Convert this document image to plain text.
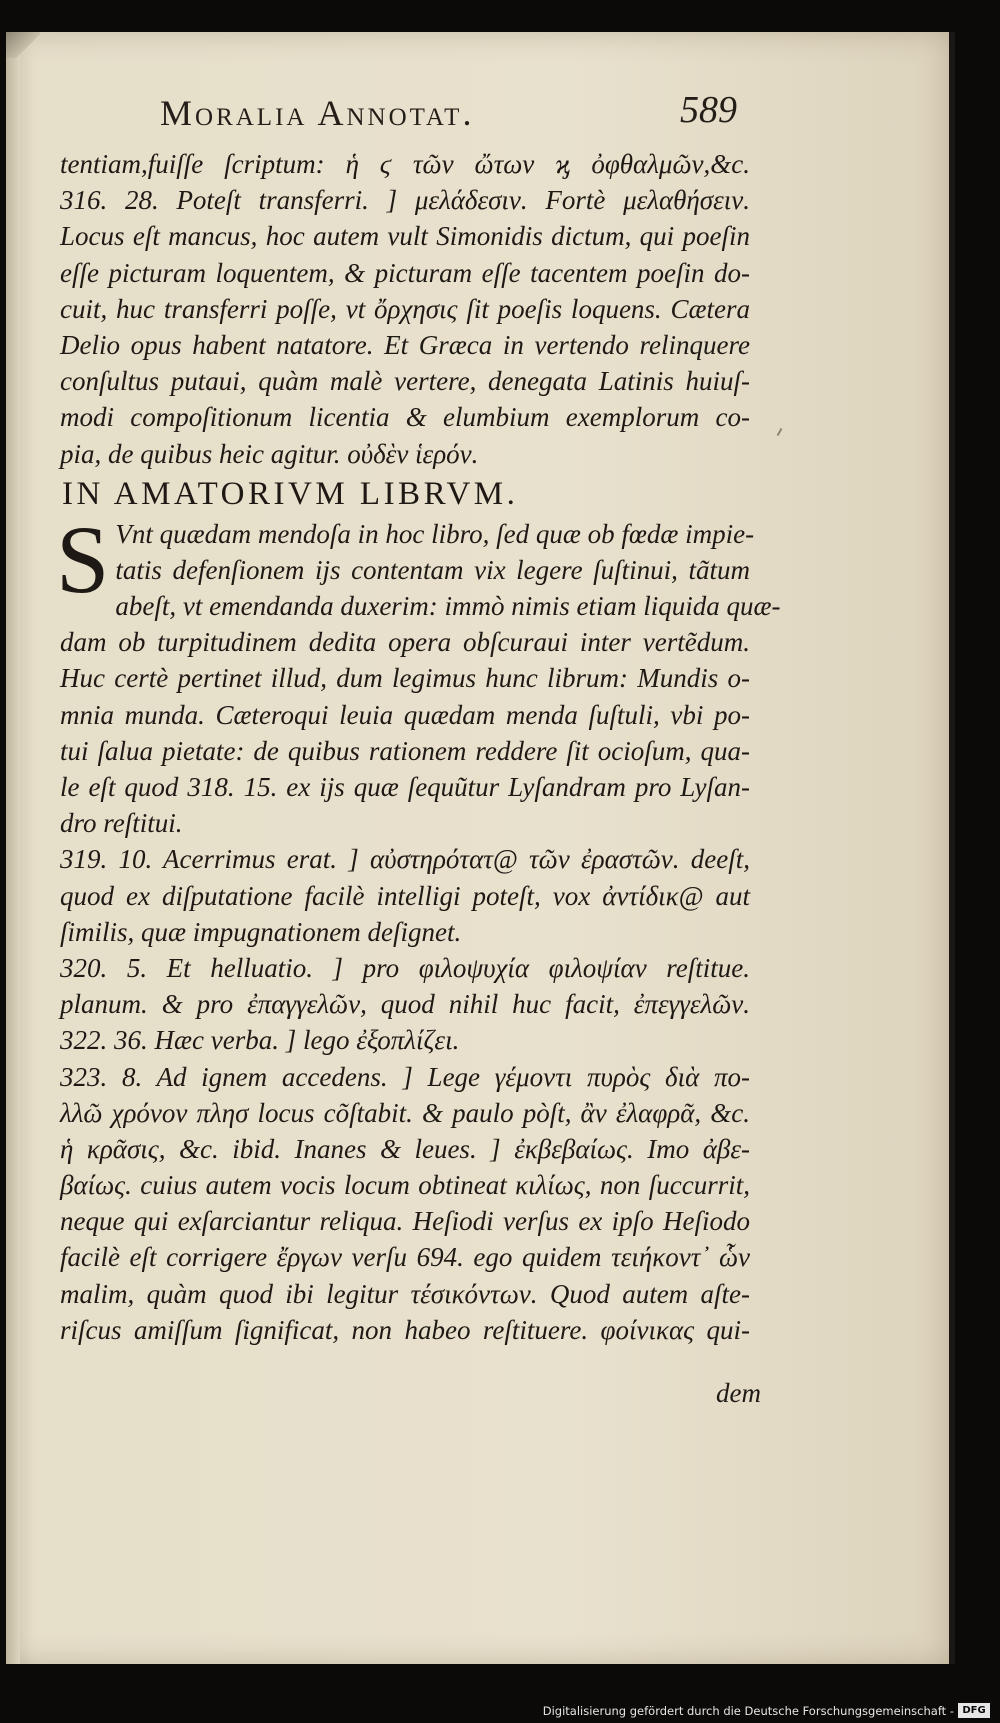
Moralia Annotat.	589
tentiam,fuiſſe ſcriptum: ἡ ϛ τῶν ὤτων ϗ ὀφθαλμῶν,&c.
316. 28. Poteſt transferri. ] μελάδεσιν. Fortè μελαθήσειν.
Locus eſt mancus, hoc autem vult Simonidis dictum, qui poeſin
eſſe picturam loquentem, & picturam eſſe tacentem poeſin do-
cuit, huc transferri poſſe, vt ὄρχησις ſit poeſis loquens. Cætera
Delio opus habent natatore. Et Græca in vertendo relinquere
conſultus putaui, quàm malè vertere, denegata Latinis huiuſ-
modi compoſitionum licentia & elumbium exemplorum co-
pia, de quibus heic agitur. οὐδὲν ἱερόν.
IN AMATORIVM LIBRVM.
S Vnt quædam mendoſa in hoc libro, ſed quæ ob fœdæ impie-
tatis defenſionem ijs contentam vix legere ſuſtinui, tãtum
abeſt, vt emendanda duxerim: immò nimis etiam liquida quæ-
dam ob turpitudinem dedita opera obſcuraui inter vertẽdum.
Huc certè pertinet illud, dum legimus hunc librum: Mundis o-
mnia munda. Cæteroqui leuia quædam menda ſuſtuli, vbi po-
tui ſalua pietate: de quibus rationem reddere ſit ocioſum, qua-
le eſt quod 318. 15. ex ijs quæ ſequũtur Lyſandram pro Lyſan-
dro reſtitui.
319. 10. Acerrimus erat. ] αὐστηρότατ@ τῶν ἐραστῶν. deeſt,
quod ex diſputatione facilè intelligi poteſt, vox ἀντίδικ@ aut
ſimilis, quæ impugnationem deſignet.
320. 5. Et helluatio. ] pro φιλοψυχία φιλοψίαν reſtitue.
planum. & pro ἐπαγγελῶν, quod nihil huc facit, ἐπεγγελῶν.
322. 36. Hæc verba. ] lego ἐξοπλίζει.
323. 8. Ad ignem accedens. ] Lege γέμοντι πυρὸς διὰ πο-
λλῶ χρόνον πλησ locus cõſtabit. & paulo pòſt, ἂν ἐλαφρᾶ, &c.
ἡ κρᾶσις, &c. ibid. Inanes & leues. ] ἐκβεβαίως. Imo ἀβε-
βαίως. cuius autem vocis locum obtineat κιλίως, non ſuccurrit,
neque qui exſarciantur reliqua. Heſiodi verſus ex ipſo Heſiodo
facilè eſt corrigere ἔργων verſu 694. ego quidem τειήκοντ᾽ ὧν
malim, quàm quod ibi legitur τέσικόντων. Quod autem aſte-
riſcus amiſſum ſignificat, non habeo reſtituere. φοίνικας qui-
dem
Digitalisierung gefördert durch die Deutsche Forschungsgemeinschaft - DFG
